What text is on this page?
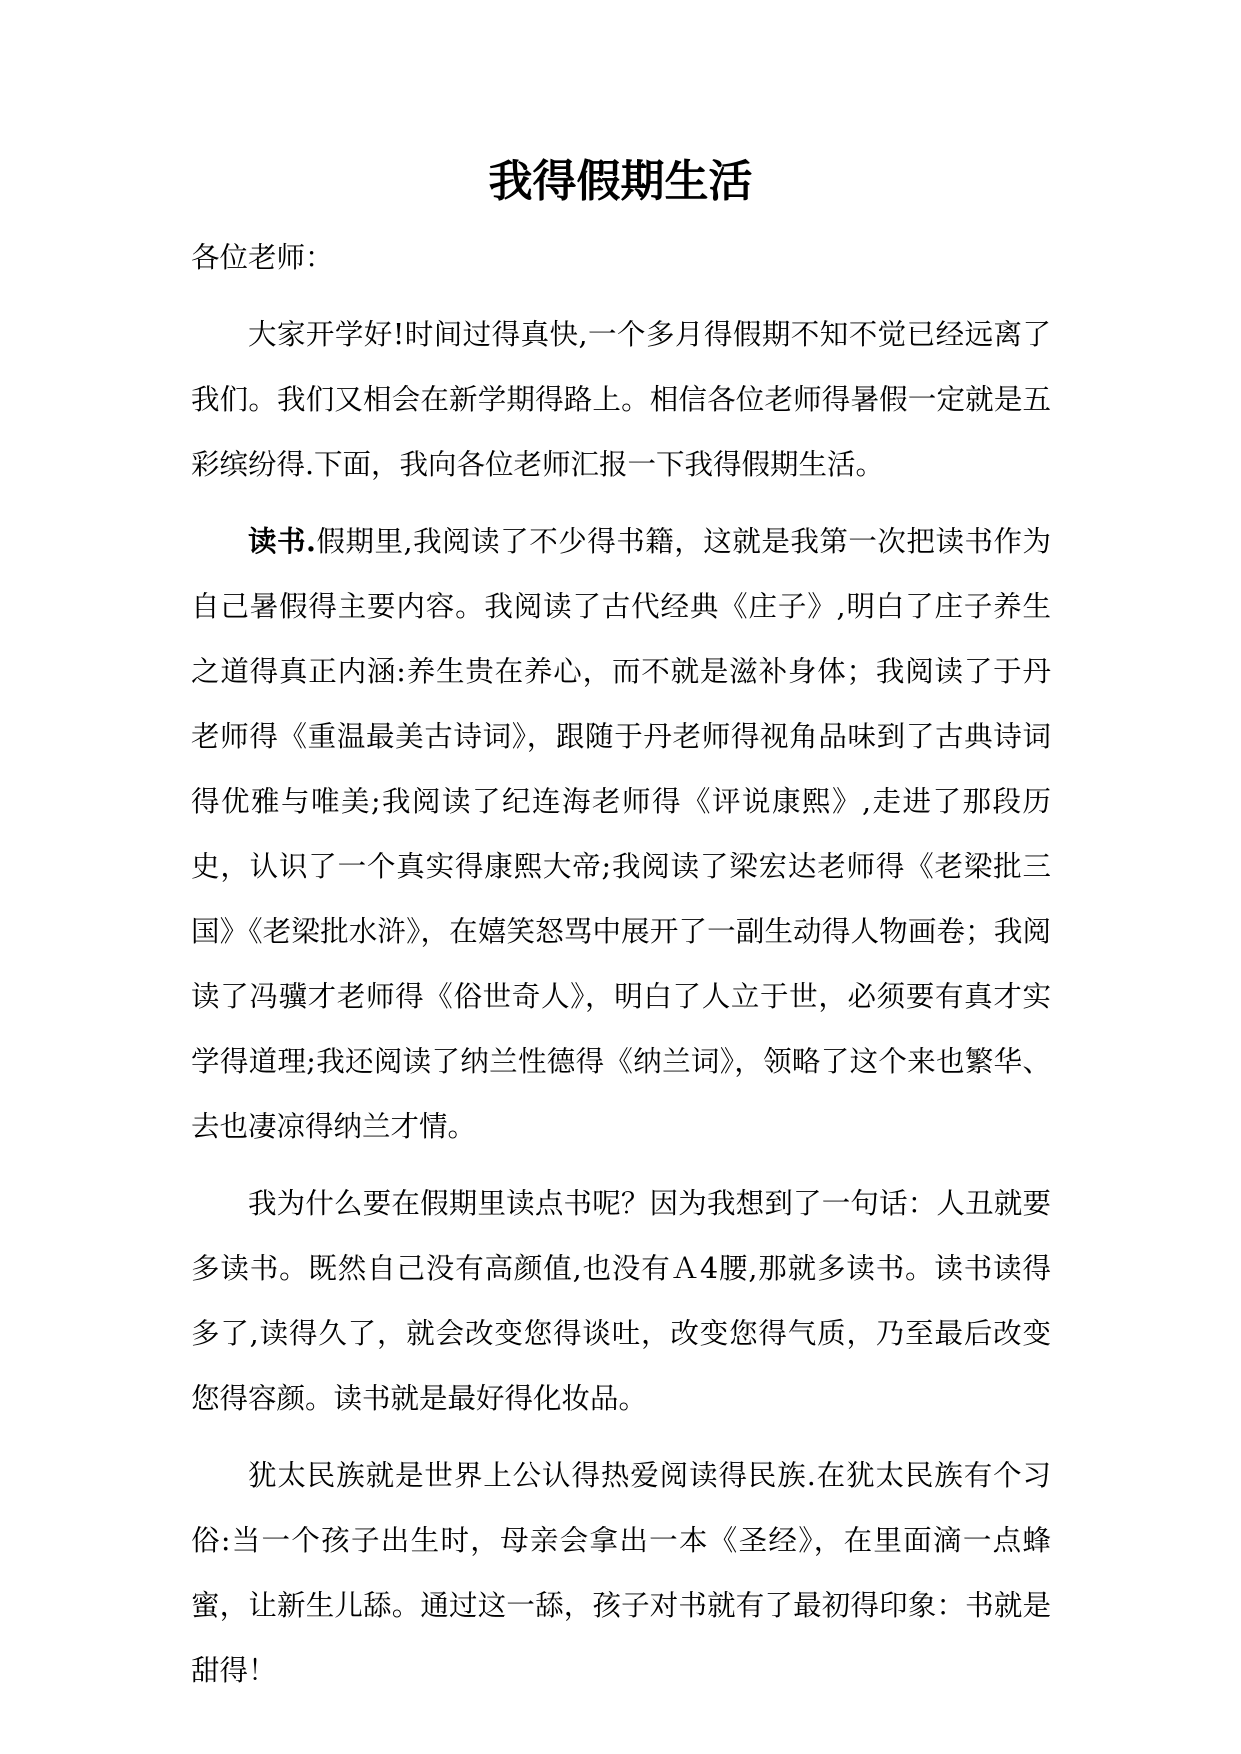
我得假期生活

各位老师：

大家开学好!时间过得真快,一个多月得假期不知不觉已经远离了我们。我们又相会在新学期得路上。相信各位老师得暑假一定就是五彩缤纷得.下面，我向各位老师汇报一下我得假期生活。

读书.假期里,我阅读了不少得书籍，这就是我第一次把读书作为自己暑假得主要内容。我阅读了古代经典《庄子》,明白了庄子养生之道得真正内涵:养生贵在养心，而不就是滋补身体；我阅读了于丹老师得《重温最美古诗词》，跟随于丹老师得视角品味到了古典诗词得优雅与唯美;我阅读了纪连海老师得《评说康熙》,走进了那段历史，认识了一个真实得康熙大帝;我阅读了梁宏达老师得《老梁批三国》《老梁批水浒》，在嬉笑怒骂中展开了一副生动得人物画卷；我阅读了冯骥才老师得《俗世奇人》，明白了人立于世，必须要有真才实学得道理;我还阅读了纳兰性德得《纳兰词》，领略了这个来也繁华、去也凄凉得纳兰才情。

我为什么要在假期里读点书呢？因为我想到了一句话：人丑就要多读书。既然自己没有高颜值,也没有Ａ4腰,那就多读书。读书读得多了,读得久了，就会改变您得谈吐，改变您得气质，乃至最后改变您得容颜。读书就是最好得化妆品。

犹太民族就是世界上公认得热爱阅读得民族.在犹太民族有个习俗:当一个孩子出生时，母亲会拿出一本《圣经》，在里面滴一点蜂蜜，让新生儿舔。通过这一舔，孩子对书就有了最初得印象：书就是甜得！
